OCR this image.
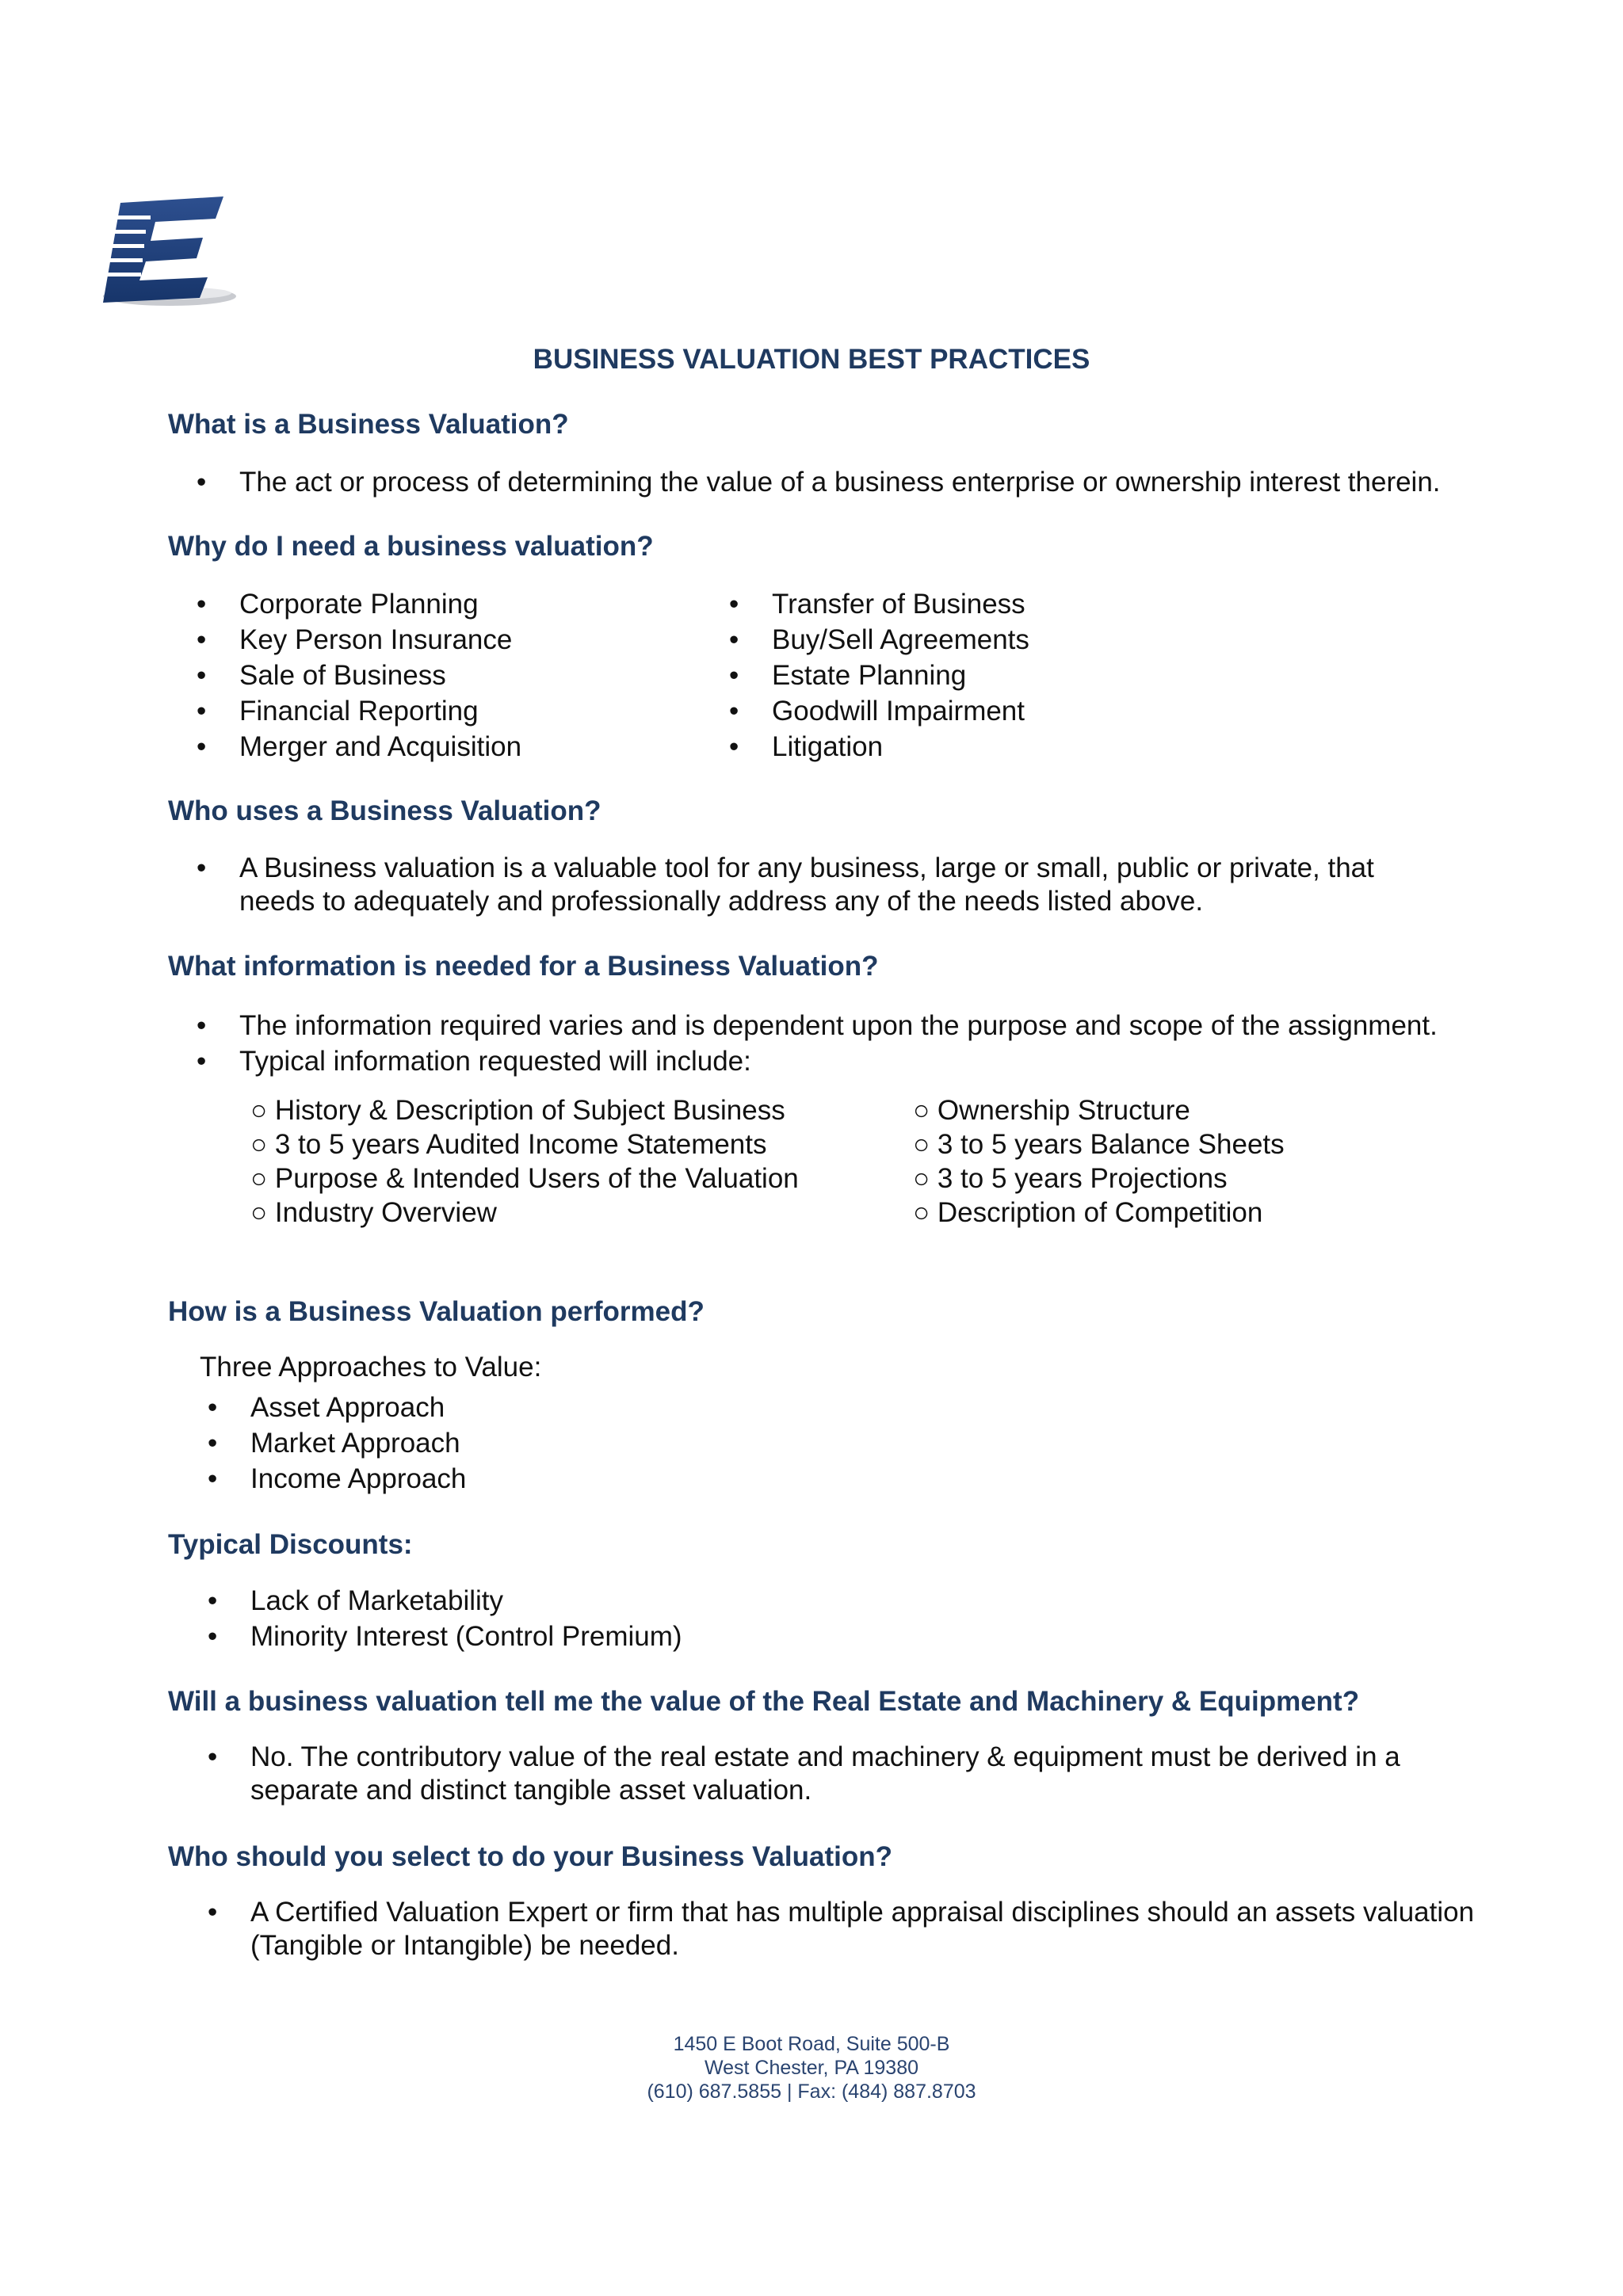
BUSINESS VALUATION BEST PRACTICES
What is a Business Valuation?
• The act or process of determining the value of a business enterprise or ownership interest therein.
Why do I need a business valuation?
• Corporate Planning
• Key Person Insurance
• Sale of Business
• Financial Reporting
• Merger and Acquisition
• Transfer of Business
• Buy/Sell Agreements
• Estate Planning
• Goodwill Impairment
• Litigation
Who uses a Business Valuation?
• A Business valuation is a valuable tool for any business, large or small, public or private, that
needs to adequately and professionally address any of the needs listed above.
What information is needed for a Business Valuation?
• The information required varies and is dependent upon the purpose and scope of the assignment.
• Typical information requested will include:
○ History & Description of Subject Business
○ 3 to 5 years Audited Income Statements
○ Purpose & Intended Users of the Valuation
○ Industry Overview
○ Ownership Structure
○ 3 to 5 years Balance Sheets
○ 3 to 5 years Projections
○ Description of Competition
How is a Business Valuation performed?
Three Approaches to Value:
• Asset Approach
• Market Approach
• Income Approach
Typical Discounts:
• Lack of Marketability
• Minority Interest (Control Premium)
Will a business valuation tell me the value of the Real Estate and Machinery & Equipment?
• No. The contributory value of the real estate and machinery & equipment must be derived in a
separate and distinct tangible asset valuation.
Who should you select to do your Business Valuation?
• A Certified Valuation Expert or firm that has multiple appraisal disciplines should an assets valuation
(Tangible or Intangible) be needed.
1450 E Boot Road, Suite 500-B
West Chester, PA 19380
(610) 687.5855 | Fax: (484) 887.8703
